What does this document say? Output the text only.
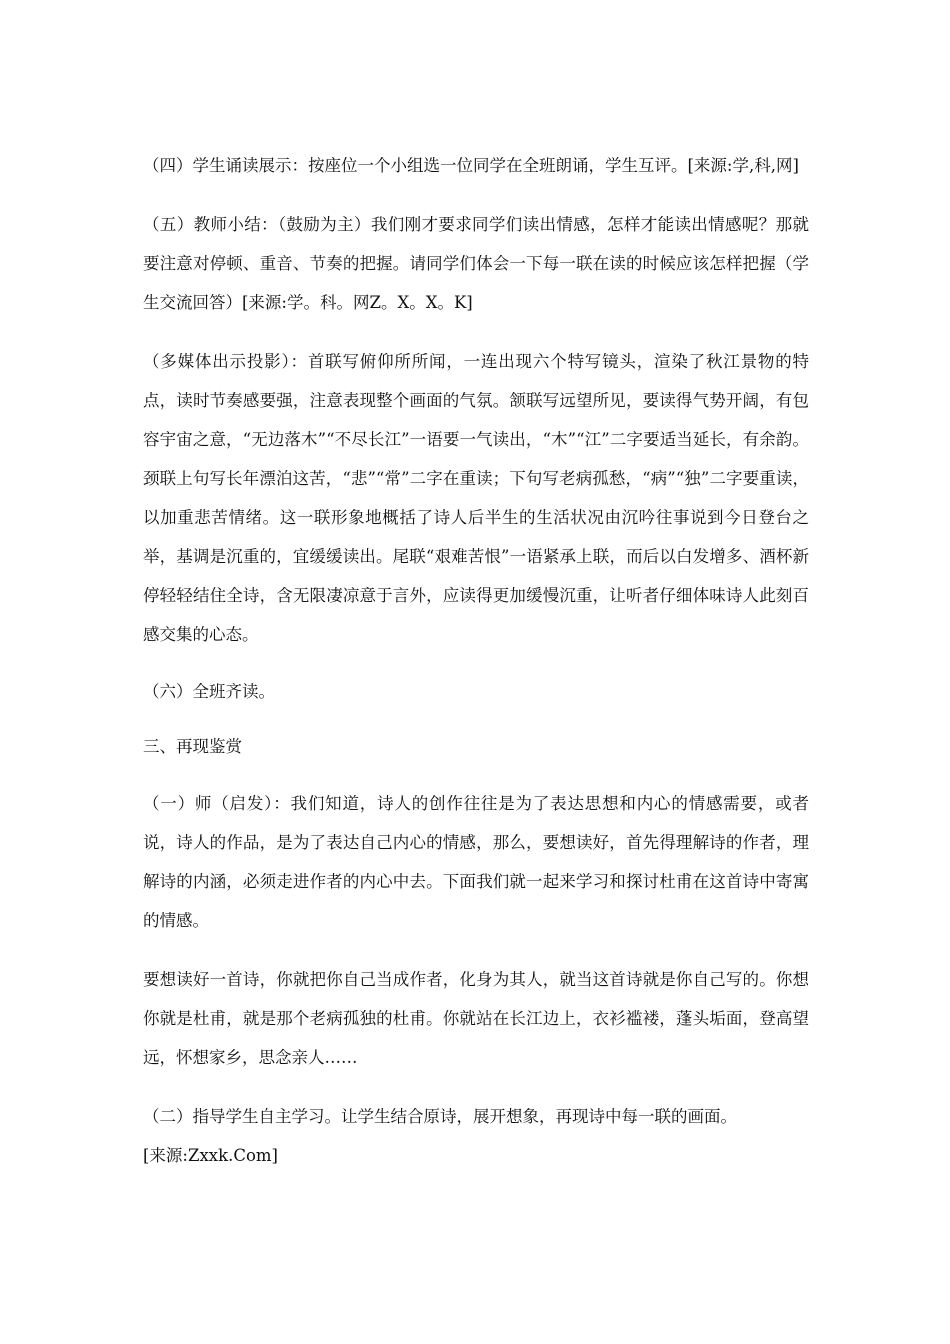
（四）学生诵读展示：按座位一个小组选一位同学在全班朗诵，学生互评。[来源:学,科,网]

（五）教师小结：（鼓励为主）我们刚才要求同学们读出情感，怎样才能读出情感呢？那就要注意对停顿、重音、节奏的把握。请同学们体会一下每一联在读的时候应该怎样把握（学生交流回答）[来源:学。科。网Z。X。X。K]

（多媒体出示投影）：首联写俯仰所所闻，一连出现六个特写镜头，渲染了秋江景物的特点，读时节奏感要强，注意表现整个画面的气氛。颔联写远望所见，要读得气势开阔，有包容宇宙之意，“无边落木”“不尽长江”一语要一气读出，“木”“江”二字要适当延长，有余韵。颈联上句写长年漂泊这苦，“悲”“常”二字在重读；下句写老病孤愁，“病”“独”二字要重读，以加重悲苦情绪。这一联形象地概括了诗人后半生的生活状况由沉吟往事说到今日登台之举，基调是沉重的，宜缓缓读出。尾联“艰难苦恨”一语紧承上联，而后以白发增多、酒杯新停轻轻结住全诗，含无限凄凉意于言外，应读得更加缓慢沉重，让听者仔细体味诗人此刻百感交集的心态。

（六）全班齐读。

三、再现鉴赏

（一）师（启发）：我们知道，诗人的创作往往是为了表达思想和内心的情感需要，或者说，诗人的作品，是为了表达自己内心的情感，那么，要想读好，首先得理解诗的作者，理解诗的内涵，必须走进作者的内心中去。下面我们就一起来学习和探讨杜甫在这首诗中寄寓的情感。

要想读好一首诗，你就把你自己当成作者，化身为其人，就当这首诗就是你自己写的。你想你就是杜甫，就是那个老病孤独的杜甫。你就站在长江边上，衣衫褴褛，蓬头垢面，登高望远，怀想家乡，思念亲人……

（二）指导学生自主学习。让学生结合原诗，展开想象，再现诗中每一联的画面。

[来源:Zxxk.Com]
